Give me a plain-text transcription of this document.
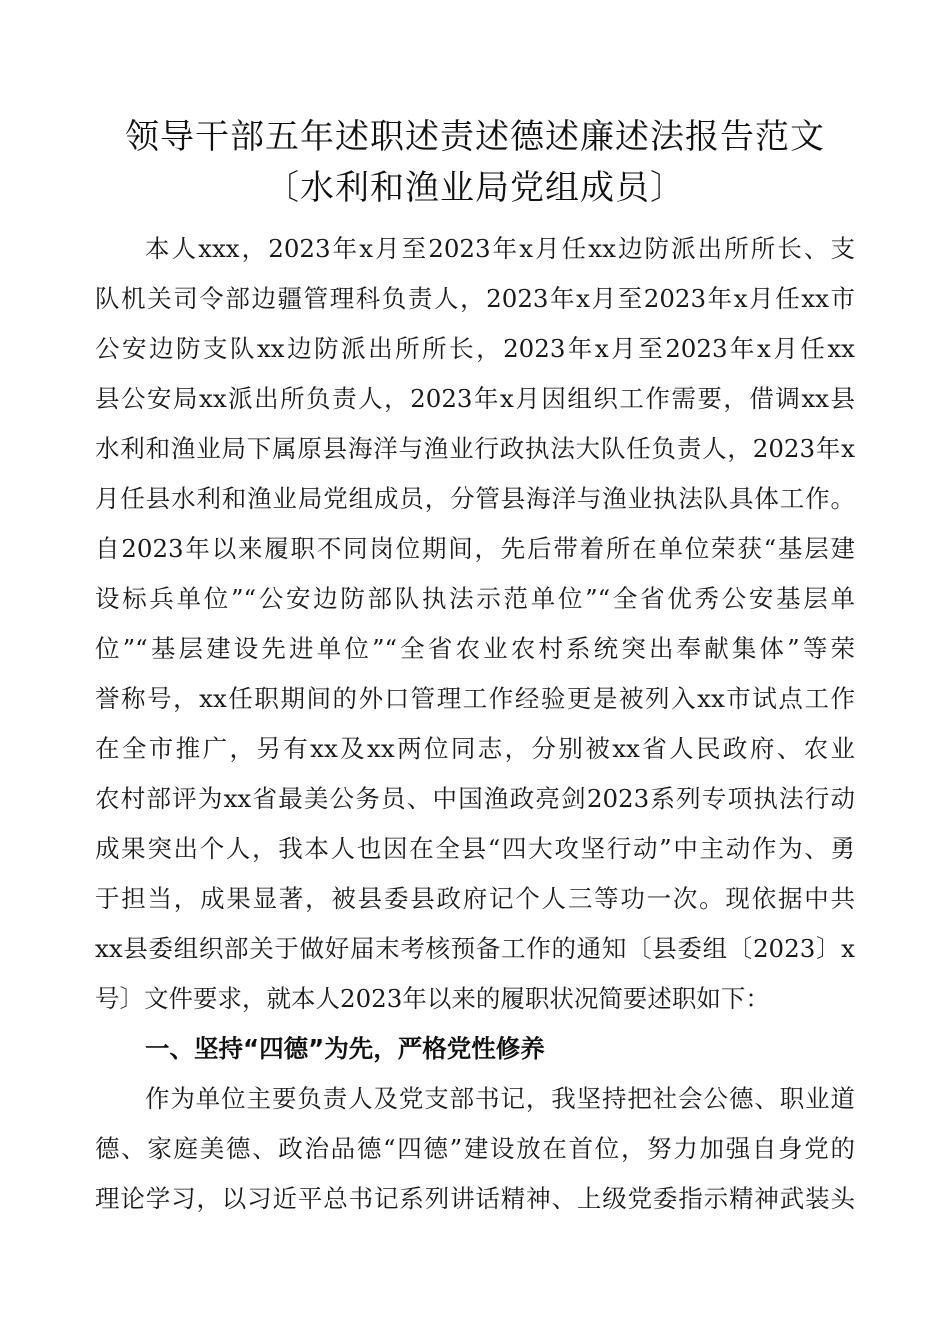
领导干部五年述职述责述德述廉述法报告范文
〔水利和渔业局党组成员〕
本人xxx，2023年x月至2023年x月任xx边防派出所所长、支
队机关司令部边疆管理科负责人，2023年x月至2023年x月任xx市
公安边防支队xx边防派出所所长，2023年x月至2023年x月任xx
县公安局xx派出所负责人，2023年x月因组织工作需要，借调xx县
水利和渔业局下属原县海洋与渔业行政执法大队任负责人，2023年x
月任县水利和渔业局党组成员，分管县海洋与渔业执法队具体工作。
自2023年以来履职不同岗位期间，先后带着所在单位荣获“基层建
设标兵单位”“公安边防部队执法示范单位”“全省优秀公安基层单
位”“基层建设先进单位”“全省农业农村系统突出奉献集体”等荣
誉称号，xx任职期间的外口管理工作经验更是被列入xx市试点工作
在全市推广，另有xx及xx两位同志，分别被xx省人民政府、农业
农村部评为xx省最美公务员、中国渔政亮剑2023系列专项执法行动
成果突出个人，我本人也因在全县“四大攻坚行动”中主动作为、勇
于担当，成果显著，被县委县政府记个人三等功一次。现依据中共
xx县委组织部关于做好届末考核预备工作的通知〔县委组〔2023〕x
号〕文件要求，就本人2023年以来的履职状况简要述职如下：
一、坚持“四德”为先，严格党性修养
作为单位主要负责人及党支部书记，我坚持把社会公德、职业道
德、家庭美德、政治品德“四德”建设放在首位，努力加强自身党的
理论学习，以习近平总书记系列讲话精神、上级党委指示精神武装头
